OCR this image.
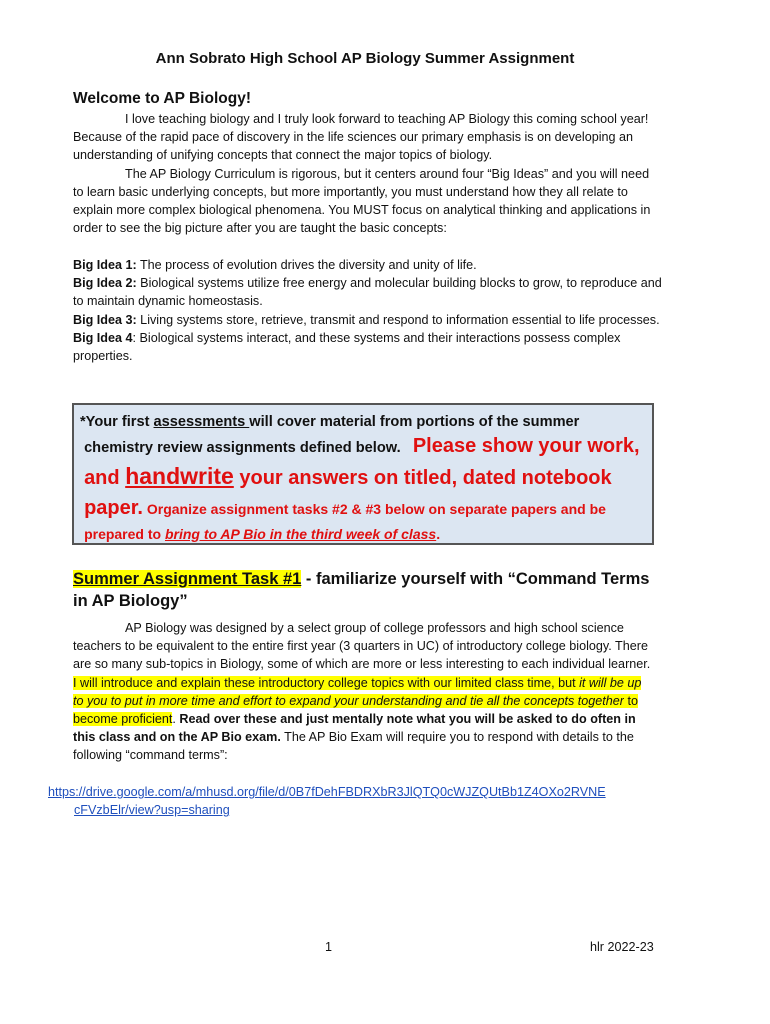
Ann Sobrato High School AP Biology Summer Assignment
Welcome to AP Biology!
I love teaching biology and I truly look forward to teaching AP Biology this coming school year! Because of the rapid pace of discovery in the life sciences our primary emphasis is on developing an understanding of unifying concepts that connect the major topics of biology.
The AP Biology Curriculum is rigorous, but it centers around four “Big Ideas” and you will need to learn basic underlying concepts, but more importantly, you must understand how they all relate to explain more complex biological phenomena. You MUST focus on analytical thinking and applications in order to see the big picture after you are taught the basic concepts:
Big Idea 1: The process of evolution drives the diversity and unity of life.
Big Idea 2: Biological systems utilize free energy and molecular building blocks to grow, to reproduce and to maintain dynamic homeostasis.
Big Idea 3: Living systems store, retrieve, transmit and respond to information essential to life processes.
Big Idea 4: Biological systems interact, and these systems and their interactions possess complex properties.
*Your first assessments will cover material from portions of the summer
chemistry review assignments defined below. Please show your work,
and handwrite your answers on titled, dated notebook
paper. Organize assignment tasks #2 & #3 below on separate papers and be
prepared to bring to AP Bio in the third week of class.
Summer Assignment Task #1 - familiarize yourself with “Command Terms in AP Biology”
AP Biology was designed by a select group of college professors and high school science teachers to be equivalent to the entire first year (3 quarters in UC) of introductory college biology. There are so many sub-topics in Biology, some of which are more or less interesting to each individual learner. I will introduce and explain these introductory college topics with our limited class time, but it will be up to you to put in more time and effort to expand your understanding and tie all the concepts together to become proficient. Read over these and just mentally note what you will be asked to do often in this class and on the AP Bio exam. The AP Bio Exam will require you to respond with details to the following “command terms”:
https://drive.google.com/a/mhusd.org/file/d/0B7fDehFBDRXbR3JlQTQ0cWJZQUtBb1Z4OXo2RVNE
cFVzbElr/view?usp=sharing
1	hlr 2022-23
